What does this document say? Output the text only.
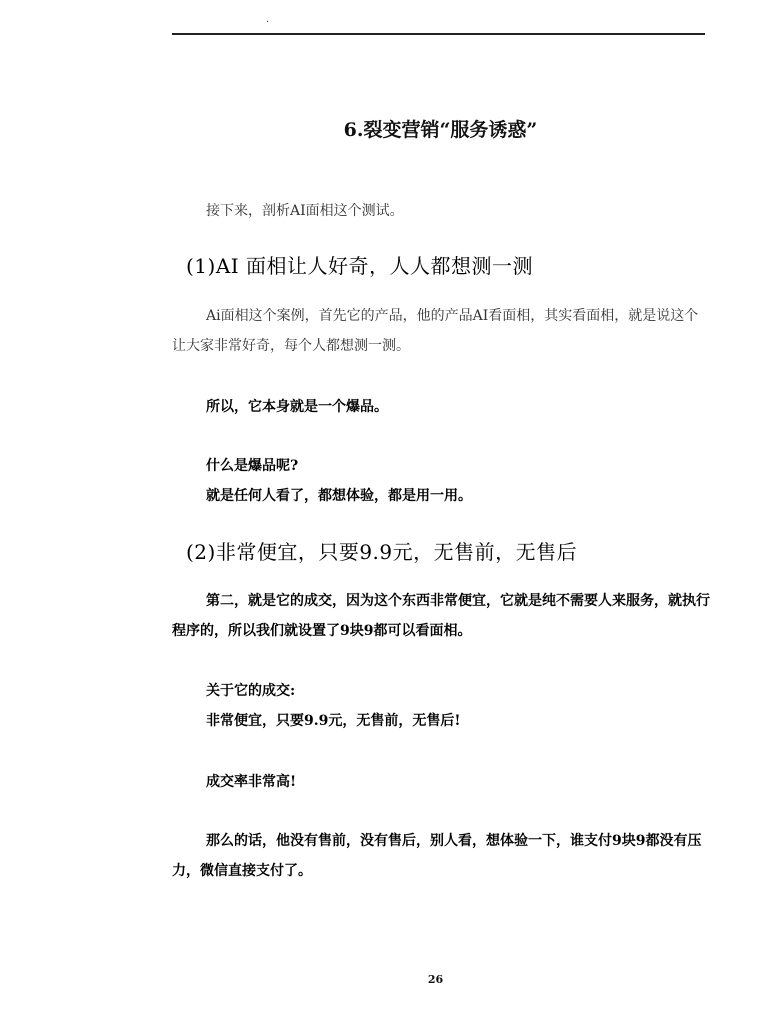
.
6.裂变营销“服务诱惑”
接下来，剖析AI面相这个测试。
(1)AI 面相让人好奇，人人都想测一测
Ai面相这个案例，首先它的产品，他的产品AI看面相，其实看面相，就是说这个让大家非常好奇，每个人都想测一测。
所以，它本身就是一个爆品。
什么是爆品呢?
就是任何人看了，都想体验，都是用一用。
(2)非常便宜，只要9.9元，无售前，无售后
第二，就是它的成交，因为这个东西非常便宜，它就是纯不需要人来服务，就执行程序的，所以我们就设置了9块9都可以看面相。
关于它的成交:
非常便宜，只要9.9元，无售前，无售后!
成交率非常高!
那么的话，他没有售前，没有售后，别人看，想体验一下，谁支付9块9都没有压力，微信直接支付了。
26
